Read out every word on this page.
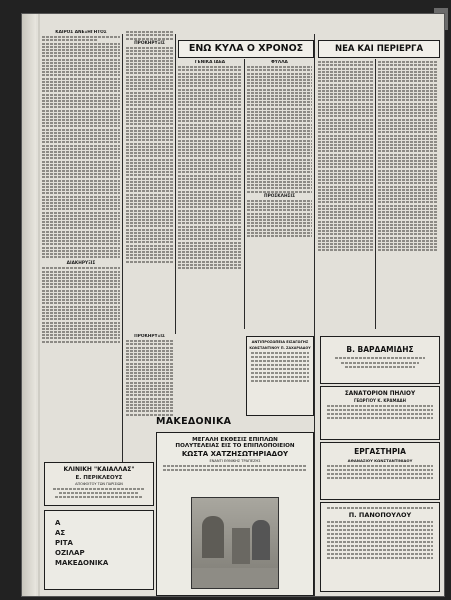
ΚΑΙΡΟΣ ΑΝΕΞΗΓΗΤΟΣ
ΔΙΑΚΗΡΥΞΙΣ
ΚΛΙΝΙΚΗ "ΚΑΙΑΛΛΑΣ"
Ε. ΠΕΡΙΚΛΕΟΥΣ
ΑΠΟΦΟΙΤΟΥ ΤΩΝ ΠΑΡΙΣΙΩΝ
Α
ΑΣ
ΡΙΤΑ
ΟΖΙΛΑΡ
ΜΑΚΕΔΟΝΙΚΑ
ΠΡΟΚΗΡΥΞΙΣ
ΠΡΟΚΗΡΥΞΙΣ
ΕΝΩ ΚΥΛΑ Ο ΧΡΟΝΟΣ
ΓΕΝΙΚΑ ΙΔΕΑ	ΦΥΛΛΑ
ΠΡΟΣΚΛΗΣΙΣ
ΑΝΤΙΠΡΟΣΩΠΕΙΑ ΕΙΣΑΓΩΓΗΣ
ΚΩΝΣΤΑΝΤΙΝΟΥ Π. ΖΑΧΑΡΙΑΔΟΥ
ΜΑΚΕΔΟΝΙΚΑ
ΜΕΓΑΛΗ ΕΚΘΕΣΙΣ ΕΠΙΠΛΩΝ
ΠΟΛΥΤΕΛΕΙΑΣ ΕΙΣ ΤΟ ΕΠΙΠΛΟΠΟΙΕΙΟΝ
ΚΩΣΤΑ ΧΑΤΖΗΣΩΤΗΡΙΑΔΟΥ
ΕΝΑΝΤΙ ΕΘΝΙΚΗΣ ΤΡΑΠΕΖΗΣ
ΝΕΑ ΚΑΙ ΠΕΡΙΕΡΓΑ
Β. ΒΑΡΔΑΜΙΔΗΣ
ΣΑΝΑΤΟΡΙΟΝ ΠΗΛΙΟΥ
ΓΕΩΡΓΙΟΥ Κ. ΚΡΑΜΑΔΗ
ΕΡΓΑΣΤΗΡΙΑ
ΑΘΑΝΑΣΙΟΥ ΚΩΝΣΤΑΝΤΙΝΙΔΟΥ
Π. ΠΑΝΟΠΟΥΛΟΥ
